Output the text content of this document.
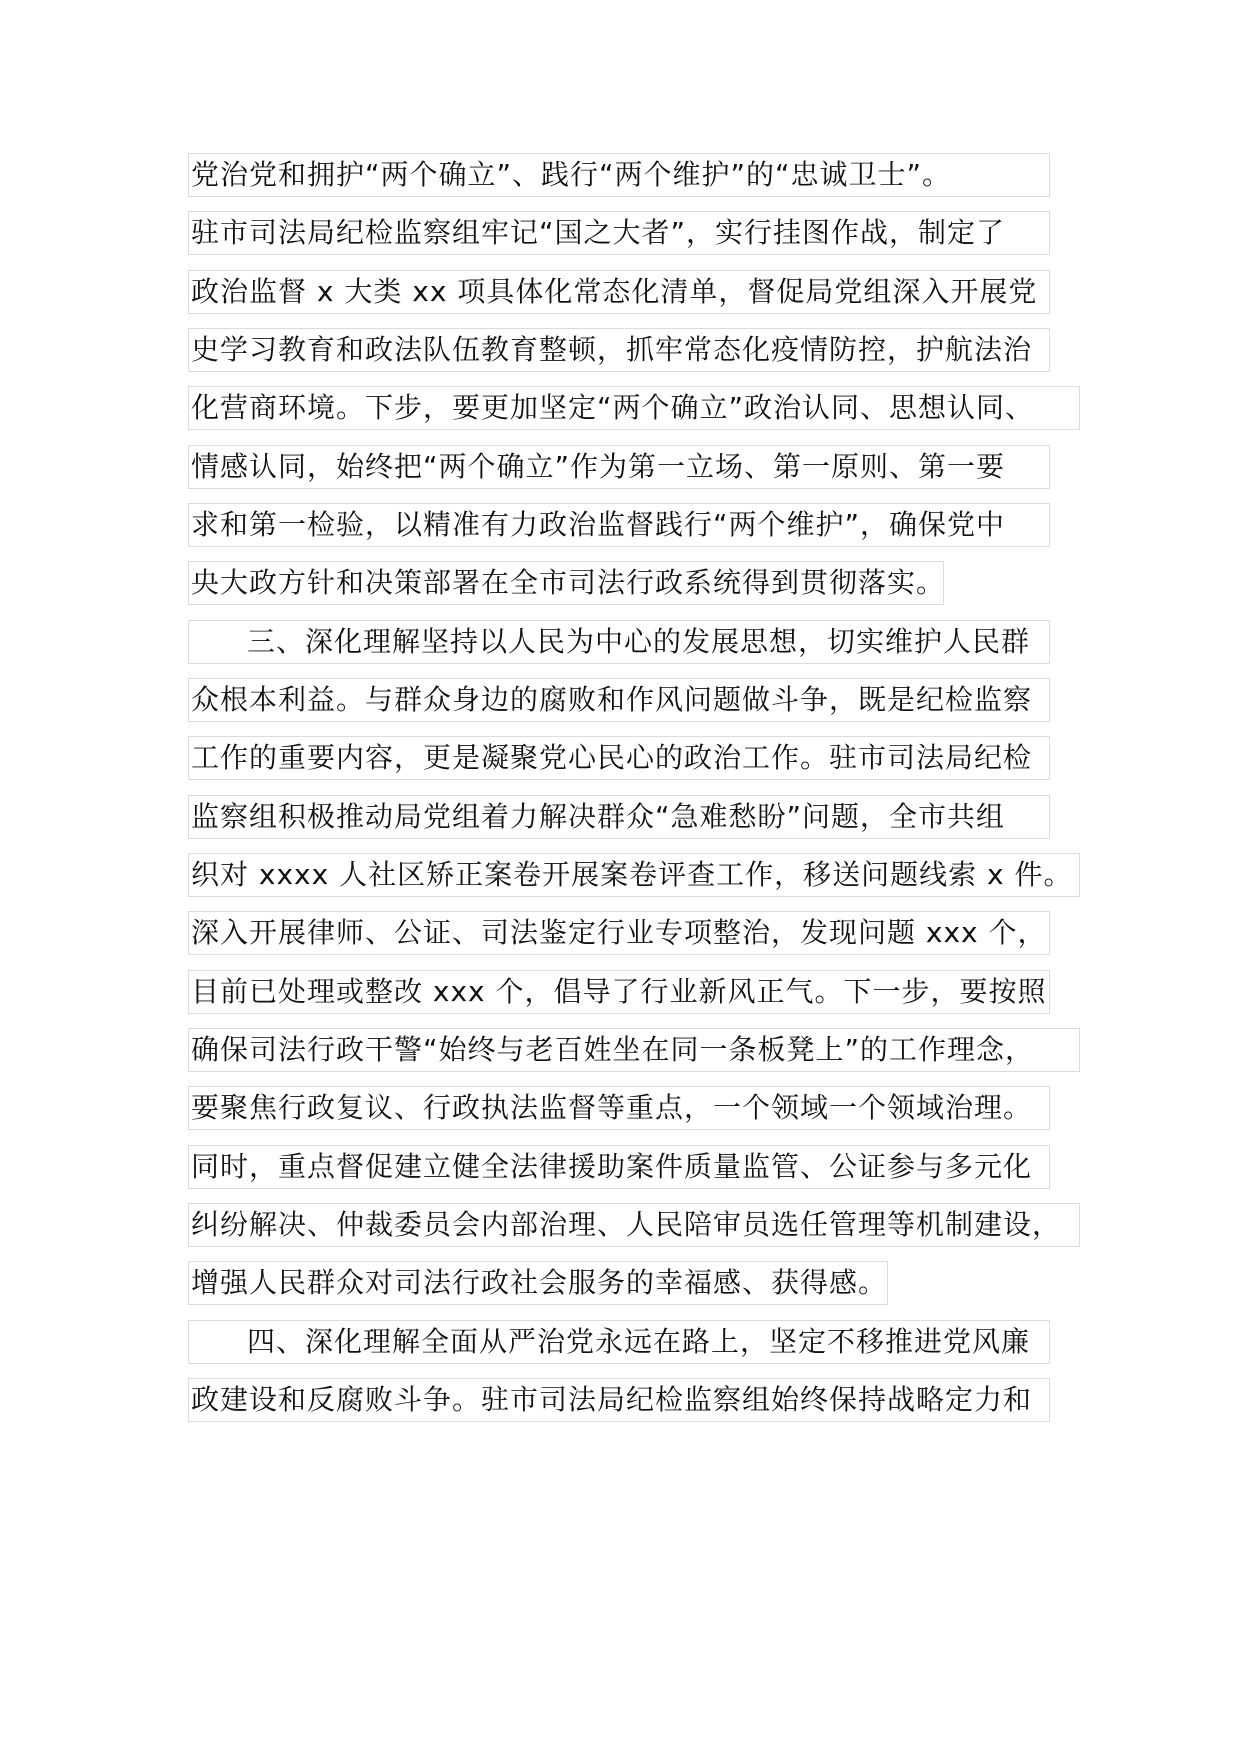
党治党和拥护“两个确立”、践行“两个维护”的“忠诚卫士”。
驻市司法局纪检监察组牢记“国之大者”，实行挂图作战，制定了
政治监督 x 大类 xx 项具体化常态化清单，督促局党组深入开展党
史学习教育和政法队伍教育整顿，抓牢常态化疫情防控，护航法治
化营商环境。下步，要更加坚定“两个确立”政治认同、思想认同、
情感认同，始终把“两个确立”作为第一立场、第一原则、第一要
求和第一检验，以精准有力政治监督践行“两个维护”，确保党中
央大政方针和决策部署在全市司法行政系统得到贯彻落实。
三、深化理解坚持以人民为中心的发展思想，切实维护人民群
众根本利益。与群众身边的腐败和作风问题做斗争，既是纪检监察
工作的重要内容，更是凝聚党心民心的政治工作。驻市司法局纪检
监察组积极推动局党组着力解决群众“急难愁盼”问题，全市共组
织对 xxxx 人社区矫正案卷开展案卷评查工作，移送问题线索 x 件。
深入开展律师、公证、司法鉴定行业专项整治，发现问题 xxx 个，
目前已处理或整改 xxx 个，倡导了行业新风正气。下一步，要按照
确保司法行政干警“始终与老百姓坐在同一条板凳上”的工作理念，
要聚焦行政复议、行政执法监督等重点，一个领域一个领域治理。
同时，重点督促建立健全法律援助案件质量监管、公证参与多元化
纠纷解决、仲裁委员会内部治理、人民陪审员选任管理等机制建设，
增强人民群众对司法行政社会服务的幸福感、获得感。
四、深化理解全面从严治党永远在路上，坚定不移推进党风廉
政建设和反腐败斗争。驻市司法局纪检监察组始终保持战略定力和
